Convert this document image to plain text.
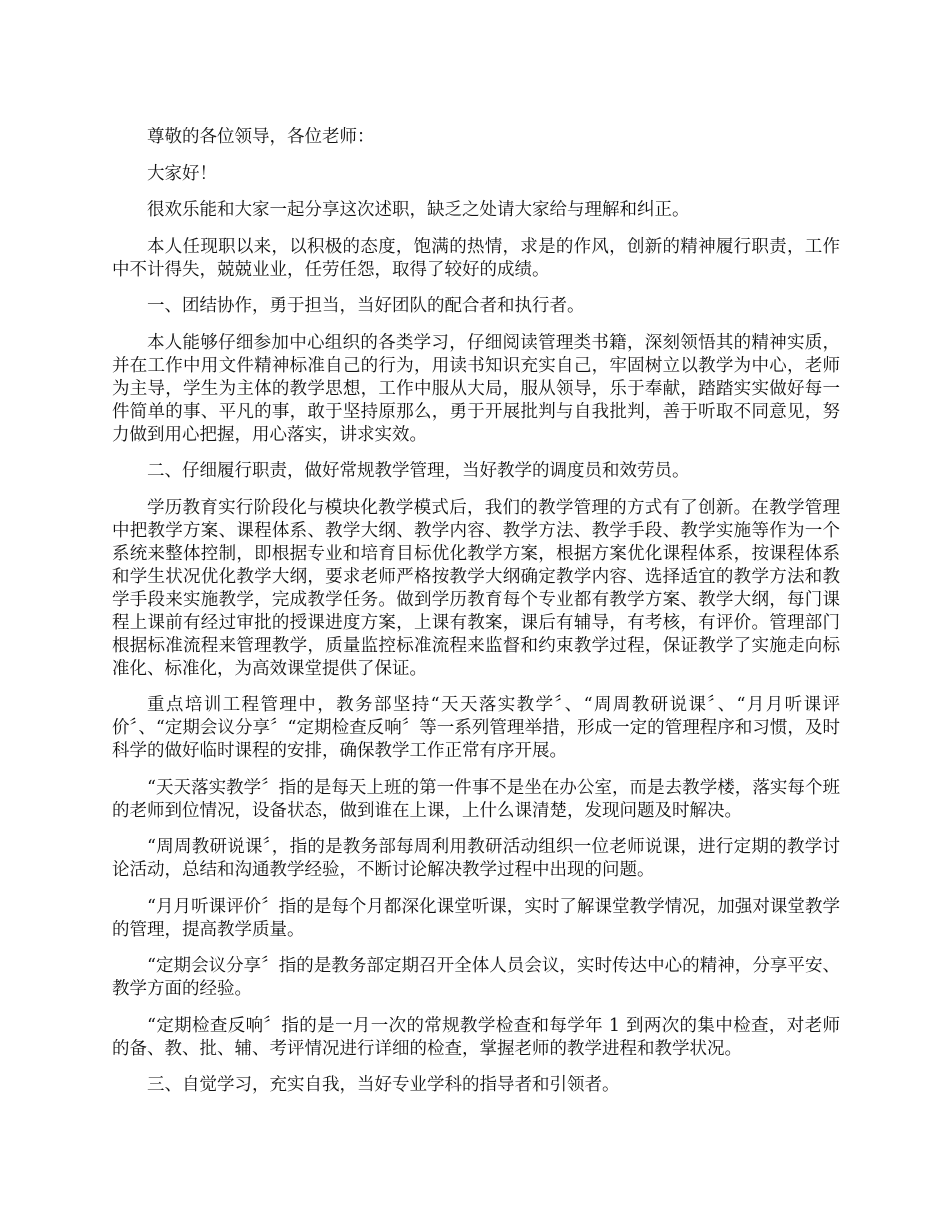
尊敬的各位领导，各位老师：

大家好！

很欢乐能和大家一起分享这次述职，缺乏之处请大家给与理解和纠正。

本人任现职以来，以积极的态度，饱满的热情，求是的作风，创新的精神履行职责，工作中不计得失，兢兢业业，任劳任怨，取得了较好的成绩。

一、团结协作，勇于担当，当好团队的配合者和执行者。

本人能够仔细参加中心组织的各类学习，仔细阅读管理类书籍，深刻领悟其的精神实质，并在工作中用文件精神标准自己的行为，用读书知识充实自己，牢固树立以教学为中心，老师为主导，学生为主体的教学思想，工作中服从大局，服从领导，乐于奉献，踏踏实实做好每一件简单的事、平凡的事，敢于坚持原那么，勇于开展批判与自我批判，善于听取不同意见，努力做到用心把握，用心落实，讲求实效。

二、仔细履行职责，做好常规教学管理，当好教学的调度员和效劳员。

学历教育实行阶段化与模块化教学模式后，我们的教学管理的方式有了创新。在教学管理中把教学方案、课程体系、教学大纲、教学内容、教学方法、教学手段、教学实施等作为一个系统来整体控制，即根据专业和培育目标优化教学方案，根据方案优化课程体系，按课程体系和学生状况优化教学大纲，要求老师严格按教学大纲确定教学内容、选择适宜的教学方法和教学手段来实施教学，完成教学任务。做到学历教育每个专业都有教学方案、教学大纲，每门课程上课前有经过审批的授课进度方案，上课有教案，课后有辅导，有考核，有评价。管理部门根据标准流程来管理教学，质量监控标准流程来监督和约束教学过程，保证教学了实施走向标准化、标准化，为高效课堂提供了保证。

重点培训工程管理中，教务部坚持“天天落实教学〞、“周周教研说课〞、“月月听课评价〞、“定期会议分享〞“定期检查反响〞等一系列管理举措，形成一定的管理程序和习惯，及时科学的做好临时课程的安排，确保教学工作正常有序开展。

“天天落实教学〞指的是每天上班的第一件事不是坐在办公室，而是去教学楼，落实每个班的老师到位情况，设备状态，做到谁在上课，上什么课清楚，发现问题及时解决。

“周周教研说课〞，指的是教务部每周利用教研活动组织一位老师说课，进行定期的教学讨论活动，总结和沟通教学经验，不断讨论解决教学过程中出现的问题。

“月月听课评价〞指的是每个月都深化课堂听课，实时了解课堂教学情况，加强对课堂教学的管理，提高教学质量。

“定期会议分享〞指的是教务部定期召开全体人员会议，实时传达中心的精神，分享平安、教学方面的经验。

“定期检查反响〞指的是一月一次的常规教学检查和每学年 1 到两次的集中检查，对老师的备、教、批、辅、考评情况进行详细的检查，掌握老师的教学进程和教学状况。

三、自觉学习，充实自我，当好专业学科的指导者和引领者。
